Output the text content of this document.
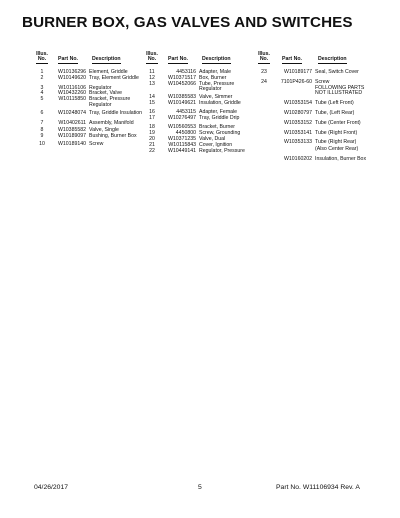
BURNER BOX, GAS VALVES AND SWITCHES
Illus.
No.	Part No.	Description
1	W10136296 Element, Griddle
2	W10149620 Tray, Element Griddle
3	W10116106 Regulator
4	W10432260 Bracket, Valve
5	W10115850 Bracket, Pressure Regulator
6	W10248074 Tray, Griddle Insulation
7	W10402611 Assembly, Manifold
8	W10385582 Valve, Single
9	W10189097 Bushing, Burner Box
10	W10189140 Screw
Illus.
No.	Part No.	Description
11	4453116 Adapter, Male
12	W10371517 Box, Burner
13	W10452066 Tube, Pressure Regulator
14	W10385583 Valve, Simmer
15	W10149621 Insulation, Griddle
16	4453115 Adapter, Female
17	W10276497 Tray, Griddle Drip
18	W10560553 Bracket, Burner
19	4450800 Screw, Grounding
20	W10371235 Valve, Dual
21	W10115843 Cover, Ignition
22	W10449141 Regulator, Pressure
Illus.
No.	Part No.	Description
23	W10189177 Seal, Switch Cover
24	7101P426-60 Screw
FOLLOWING PARTS NOT ILLUSTRATED
W10353154 Tube (Left Front)
W10280797 Tube, (Left Rear)
W10353152 Tube (Center Front)
W10353141 Tube (Right Front)
W10353133 Tube (Right Rear)
(Also Center Rear)
W10160202 Insulation, Burner Box
04/26/2017	5	Part No. W11106934 Rev. A
